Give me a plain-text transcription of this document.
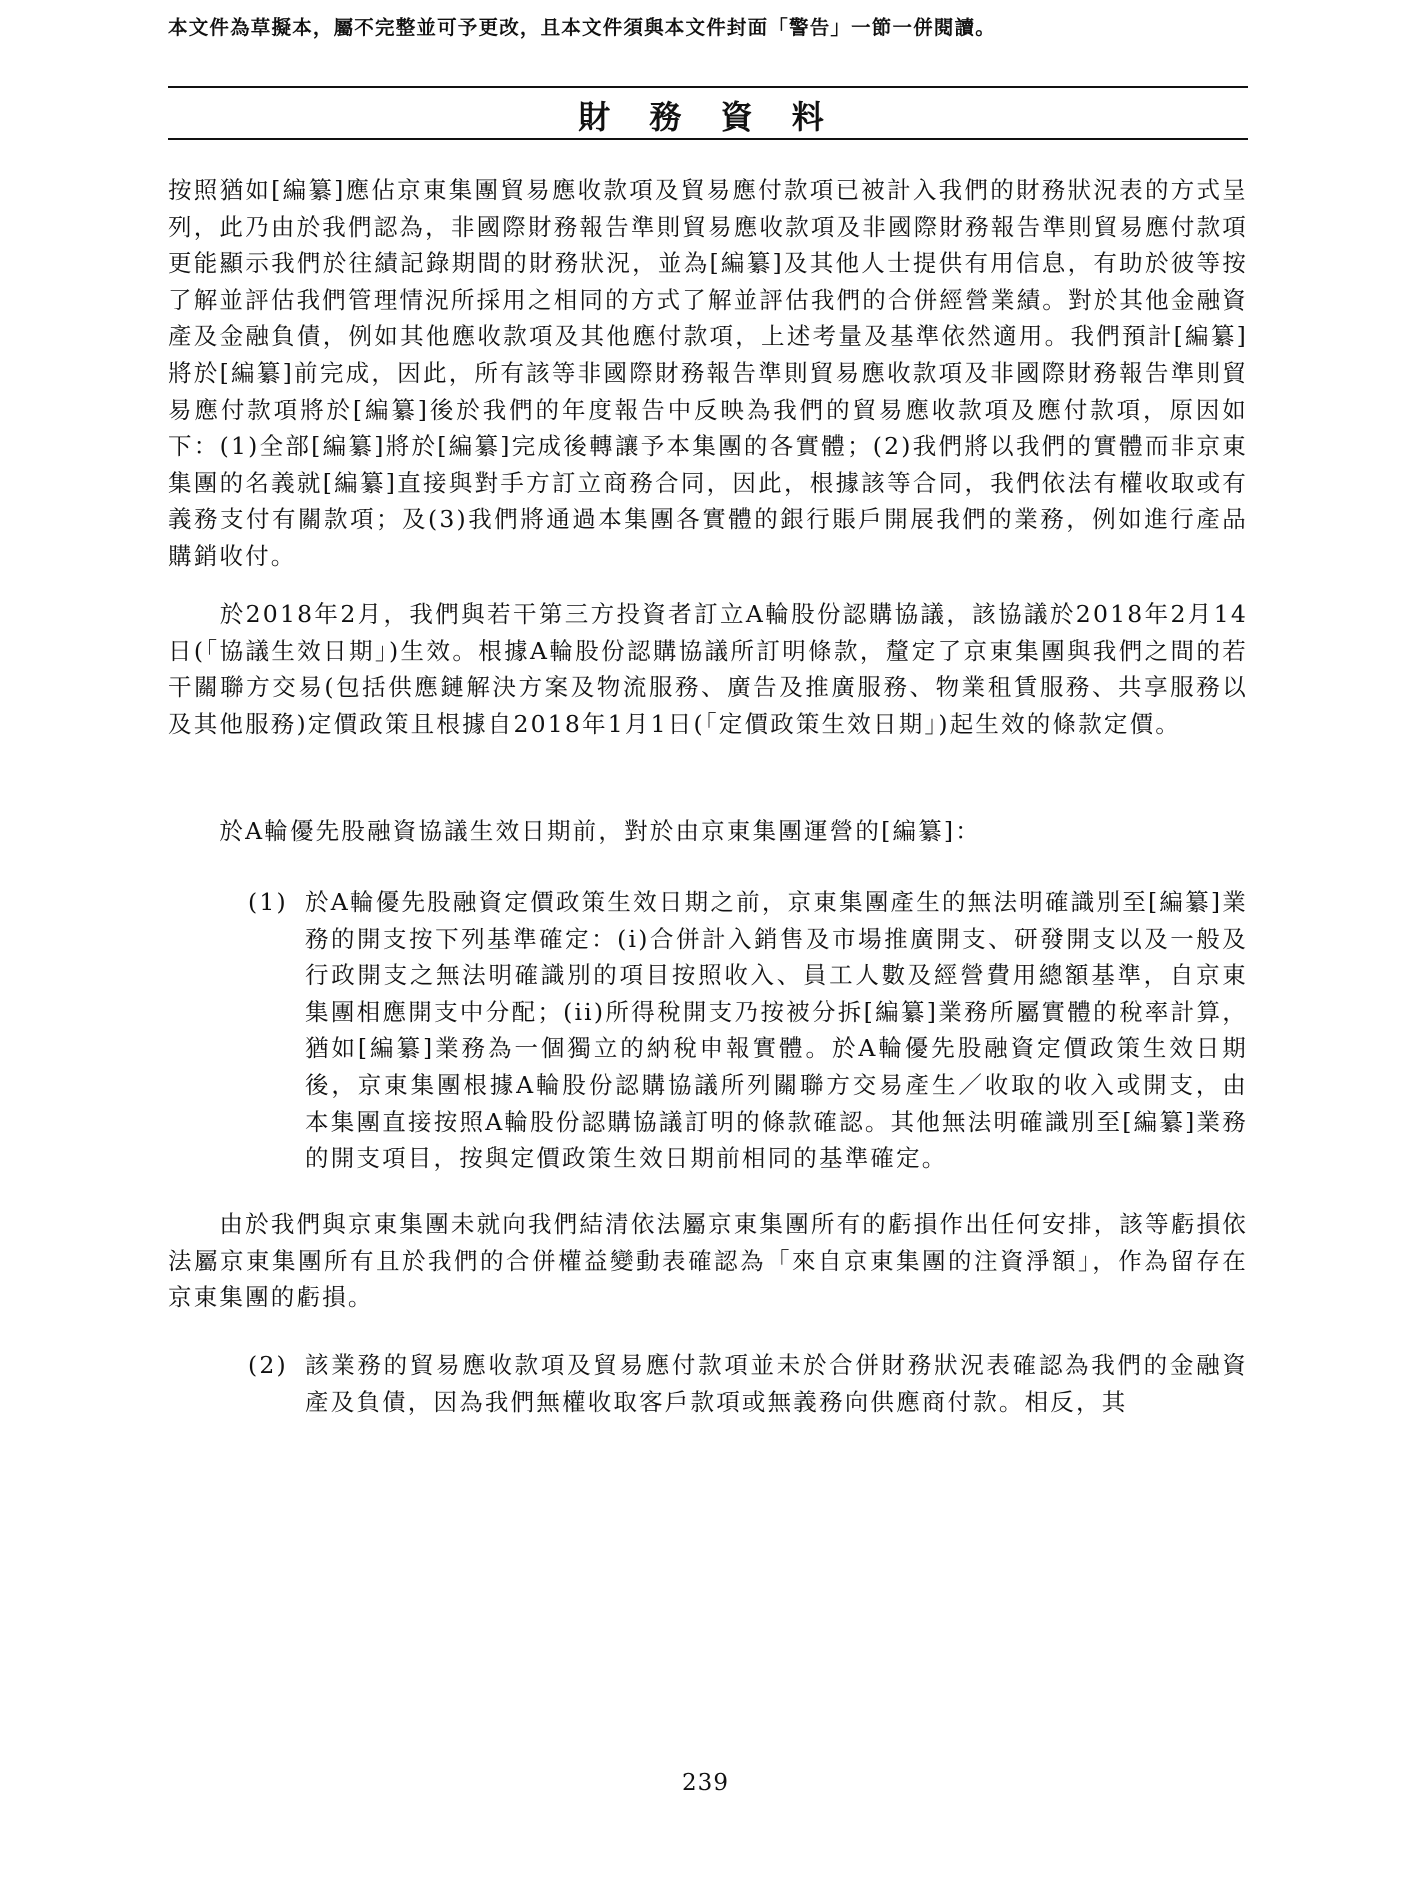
本文件為草擬本，屬不完整並可予更改，且本文件須與本文件封面「警告」一節一併閱讀。
財 務 資 料

按照猶如[編纂]應佔京東集團貿易應收款項及貿易應付款項已被計入我們的財務狀況表的方式呈列，此乃由於我們認為，非國際財務報告準則貿易應收款項及非國際財務報告準則貿易應付款項更能顯示我們於往績記錄期間的財務狀況，並為[編纂]及其他人士提供有用信息，有助於彼等按了解並評估我們管理情況所採用之相同的方式了解並評估我們的合併經營業績。對於其他金融資產及金融負債，例如其他應收款項及其他應付款項，上述考量及基準依然適用。我們預計[編纂]將於[編纂]前完成，因此，所有該等非國際財務報告準則貿易應收款項及非國際財務報告準則貿易應付款項將於[編纂]後於我們的年度報告中反映為我們的貿易應收款項及應付款項，原因如下：(1)全部[編纂]將於[編纂]完成後轉讓予本集團的各實體；(2)我們將以我們的實體而非京東集團的名義就[編纂]直接與對手方訂立商務合同，因此，根據該等合同，我們依法有權收取或有義務支付有關款項；及(3)我們將通過本集團各實體的銀行賬戶開展我們的業務，例如進行產品購銷收付。

　　於2018年2月，我們與若干第三方投資者訂立A輪股份認購協議，該協議於2018年2月14日(「協議生效日期」)生效。根據A輪股份認購協議所訂明條款，釐定了京東集團與我們之間的若干關聯方交易(包括供應鏈解決方案及物流服務、廣告及推廣服務、物業租賃服務、共享服務以及其他服務)定價政策且根據自2018年1月1日(「定價政策生效日期」)起生效的條款定價。

　　於A輪優先股融資協議生效日期前，對於由京東集團運營的[編纂]：

(1) 於A輪優先股融資定價政策生效日期之前，京東集團產生的無法明確識別至[編纂]業務的開支按下列基準確定：(i)合併計入銷售及市場推廣開支、研發開支以及一般及行政開支之無法明確識別的項目按照收入、員工人數及經營費用總額基準，自京東集團相應開支中分配；(ii)所得稅開支乃按被分拆[編纂]業務所屬實體的稅率計算，猶如[編纂]業務為一個獨立的納稅申報實體。於A輪優先股融資定價政策生效日期後，京東集團根據A輪股份認購協議所列關聯方交易產生／收取的收入或開支，由本集團直接按照A輪股份認購協議訂明的條款確認。其他無法明確識別至[編纂]業務的開支項目，按與定價政策生效日期前相同的基準確定。

　　由於我們與京東集團未就向我們結清依法屬京東集團所有的虧損作出任何安排，該等虧損依法屬京東集團所有且於我們的合併權益變動表確認為「來自京東集團的注資淨額」，作為留存在京東集團的虧損。

(2) 該業務的貿易應收款項及貿易應付款項並未於合併財務狀況表確認為我們的金融資產及負債，因為我們無權收取客戶款項或無義務向供應商付款。相反，其
239
